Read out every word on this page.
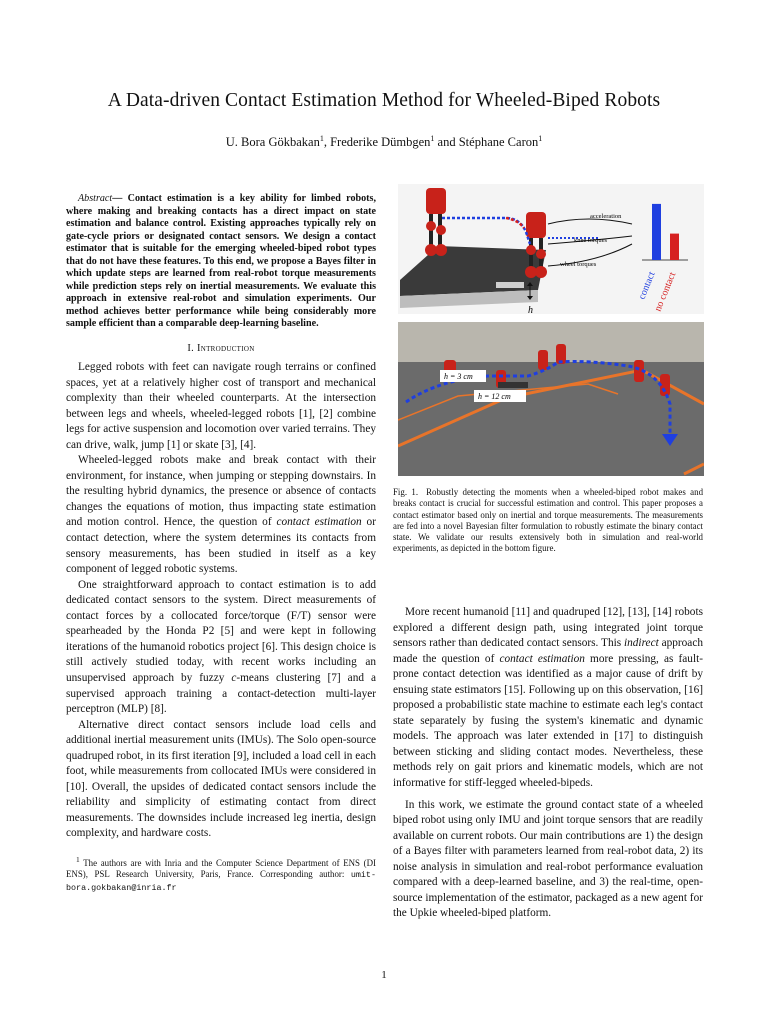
A Data-driven Contact Estimation Method for Wheeled-Biped Robots
U. Bora Gökbakan$^1$, Frederike Dümbgen$^1$ and Stéphane Caron$^1$

Abstract— Contact estimation is a key ability for limbed robots, where making and breaking contacts has a direct impact on state estimation and balance control. Existing approaches typically rely on gate-cycle priors or designated contact sensors. We design a contact estimator that is suitable for the emerging wheeled-biped robot types that do not have these features. To this end, we propose a Bayes filter in which update steps are learned from real-robot torque measurements while prediction steps rely on inertial measurements. We evaluate this approach in extensive real-robot and simulation experiments. Our method achieves better performance while being considerably more sample efficient than a comparable deep-learning baseline.

I. Introduction

Legged robots with feet can navigate rough terrains or confined spaces, yet at a relatively higher cost of transport and mechanical complexity than their wheeled counterparts. At the intersection between legs and wheels, wheeled-legged robots [1], [2] combine legs for active suspension and locomotion over varied terrains. They can drive, walk, jump [1] or skate [3], [4].

Wheeled-legged robots make and break contact with their environment, for instance, when jumping or stepping downstairs. In the resulting hybrid dynamics, the presence or absence of contacts changes the equations of motion, thus impacting state estimation and motion control. Hence, the question of contact estimation or contact detection, where the system determines its contacts from sensory measurements, has been studied in itself as a key component of legged robotic systems.

One straightforward approach to contact estimation is to add dedicated contact sensors to the system. Direct measurements of contact forces by a collocated force/torque (F/T) sensor were spearheaded by the Honda P2 [5] and were kept in following iterations of the humanoid robotics project [6]. This design choice is still actively studied today, with recent works including an unsupervised approach by fuzzy c-means clustering [7] and a supervised approach training a contact-detection multi-layer perceptron (MLP) [8].

Alternative direct contact sensors include load cells and additional inertial measurement units (IMUs). The Solo open-source quadruped robot, in its first iteration [9], included a load cell in each foot, while measurements from collocated IMUs were considered in [10]. Overall, the upsides of dedicated contact sensors include the reliability and simplicity of estimating contact from direct measurements. The downsides include increased leg inertia, design complexity, and hardware costs.

$^1$ The authors are with Inria and the Computer Science Department of ENS (DI ENS), PSL Research University, Paris, France. Corresponding author: umit-bora.gokbakan@inria.fr

h
acceleration
knee torques
wheel torques
contact
no contact
h = 3 cm
h = 12 cm

Fig. 1. Robustly detecting the moments when a wheeled-biped robot makes and breaks contact is crucial for successful estimation and control. This paper proposes a contact estimator based only on inertial and torque measurements. The measurements are fed into a novel Bayesian filter formulation to robustly estimate the binary contact state. We validate our results extensively both in simulation and real-world experiments, as depicted in the bottom figure.

More recent humanoid [11] and quadruped [12], [13], [14] robots explored a different design path, using integrated joint torque sensors rather than dedicated contact sensors. This indirect approach made the question of contact estimation more pressing, as fault-prone contact detection was identified as a major cause of drift by ensuing state estimators [15]. Following up on this observation, [16] proposed a probabilistic state machine to estimate each leg's contact state separately by fusing the system's kinematic and dynamic models. The approach was later extended in [17] to distinguish between sticking and sliding contact modes. Nevertheless, these methods rely on gait priors and kinematic models, which are not informative for stiff-legged wheeled-bipeds.

In this work, we estimate the ground contact state of a wheeled biped robot using only IMU and joint torque sensors that are readily available on current robots. Our main contributions are 1) the design of a Bayes filter with parameters learned from real-robot data, 2) its noise analysis in simulation and real-robot performance evaluation compared with a deep-learned baseline, and 3) the real-time, open-source implementation of the estimator, packaged as a new agent for the Upkie wheeled-biped platform.

1
